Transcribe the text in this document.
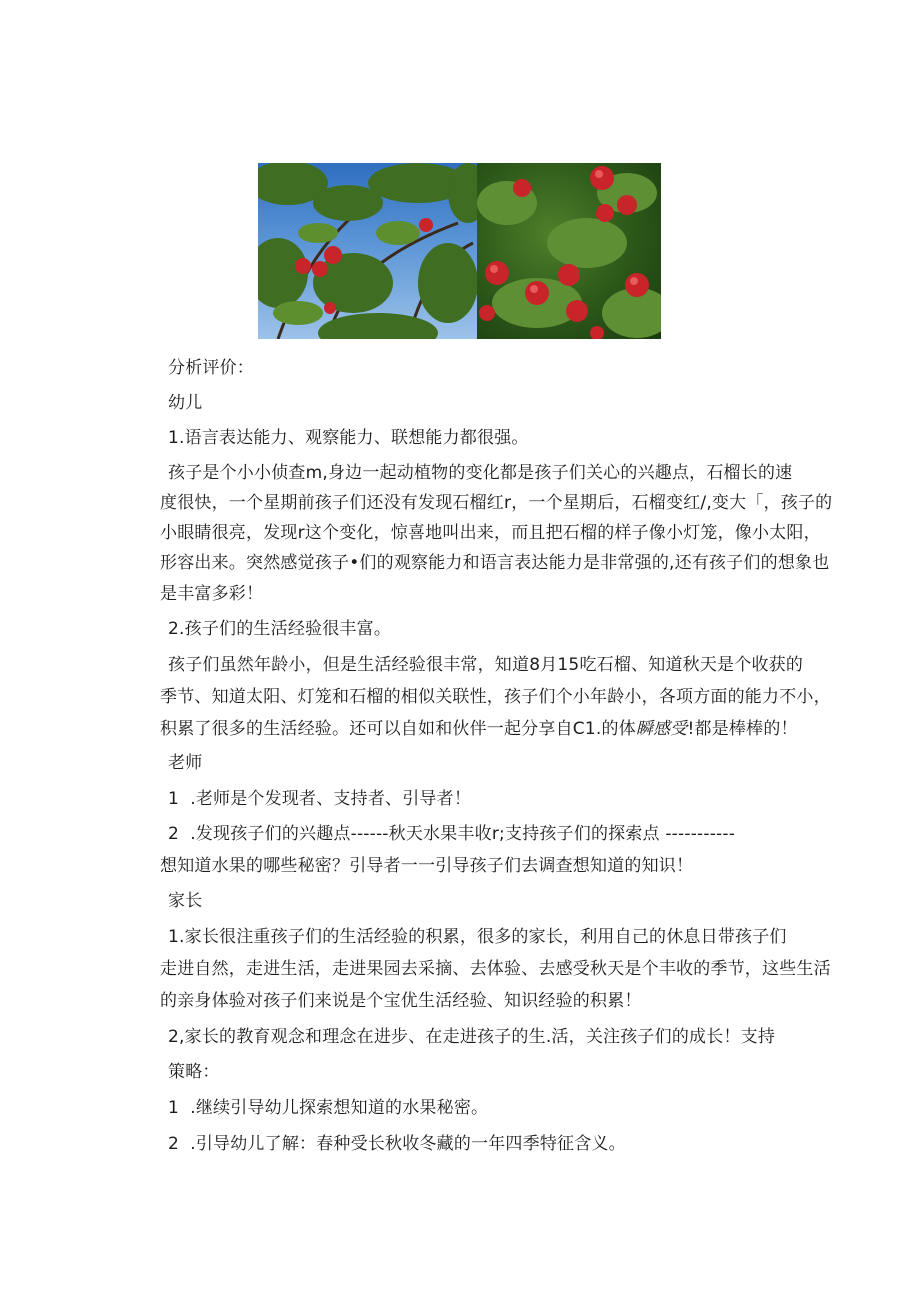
分析评价：
幼儿
1.语言表达能力、观察能力、联想能力都很强。
孩子是个小小侦查m,身边一起动植物的变化都是孩子们关心的兴趣点，石榴长的速
度很快，一个星期前孩子们还没有发现石榴红r，一个星期后，石榴变红/,变大「，孩子的
小眼睛很亮，发现r这个变化，惊喜地叫出来，而且把石榴的样子像小灯笼，像小太阳，
形容出来。突然感觉孩子•们的观察能力和语言表达能力是非常强的,还有孩子们的想象也
是丰富多彩！
2.孩子们的生活经验很丰富。
孩子们虽然年龄小，但是生活经验很丰常，知道8月15吃石榴、知道秋天是个收获的
季节、知道太阳、灯笼和石榴的相似关联性，孩子们个小年龄小，各项方面的能力不小，
积累了很多的生活经验。还可以自如和伙伴一起分享自C1.的体瞬感受!都是棒棒的！
老师
1  .老师是个发现者、支持者、引导者！
2  .发现孩子们的兴趣点------秋天水果丰收r;支持孩子们的探索点 -----------
想知道水果的哪些秘密？引导者一一引导孩子们去调查想知道的知识！
家长
1.家长很注重孩子们的生活经验的积累，很多的家长，利用自己的休息日带孩子们
走进自然，走进生活，走进果园去采摘、去体验、去感受秋天是个丰收的季节，这些生活
的亲身体验对孩子们来说是个宝优生活经验、知识经验的积累！
2,家长的教育观念和理念在进步、在走进孩子的生.活，关注孩子们的成长！支持
策略：
1  .继续引导幼儿探索想知道的水果秘密。
2  .引导幼儿了解：春种受长秋收冬藏的一年四季特征含义。
